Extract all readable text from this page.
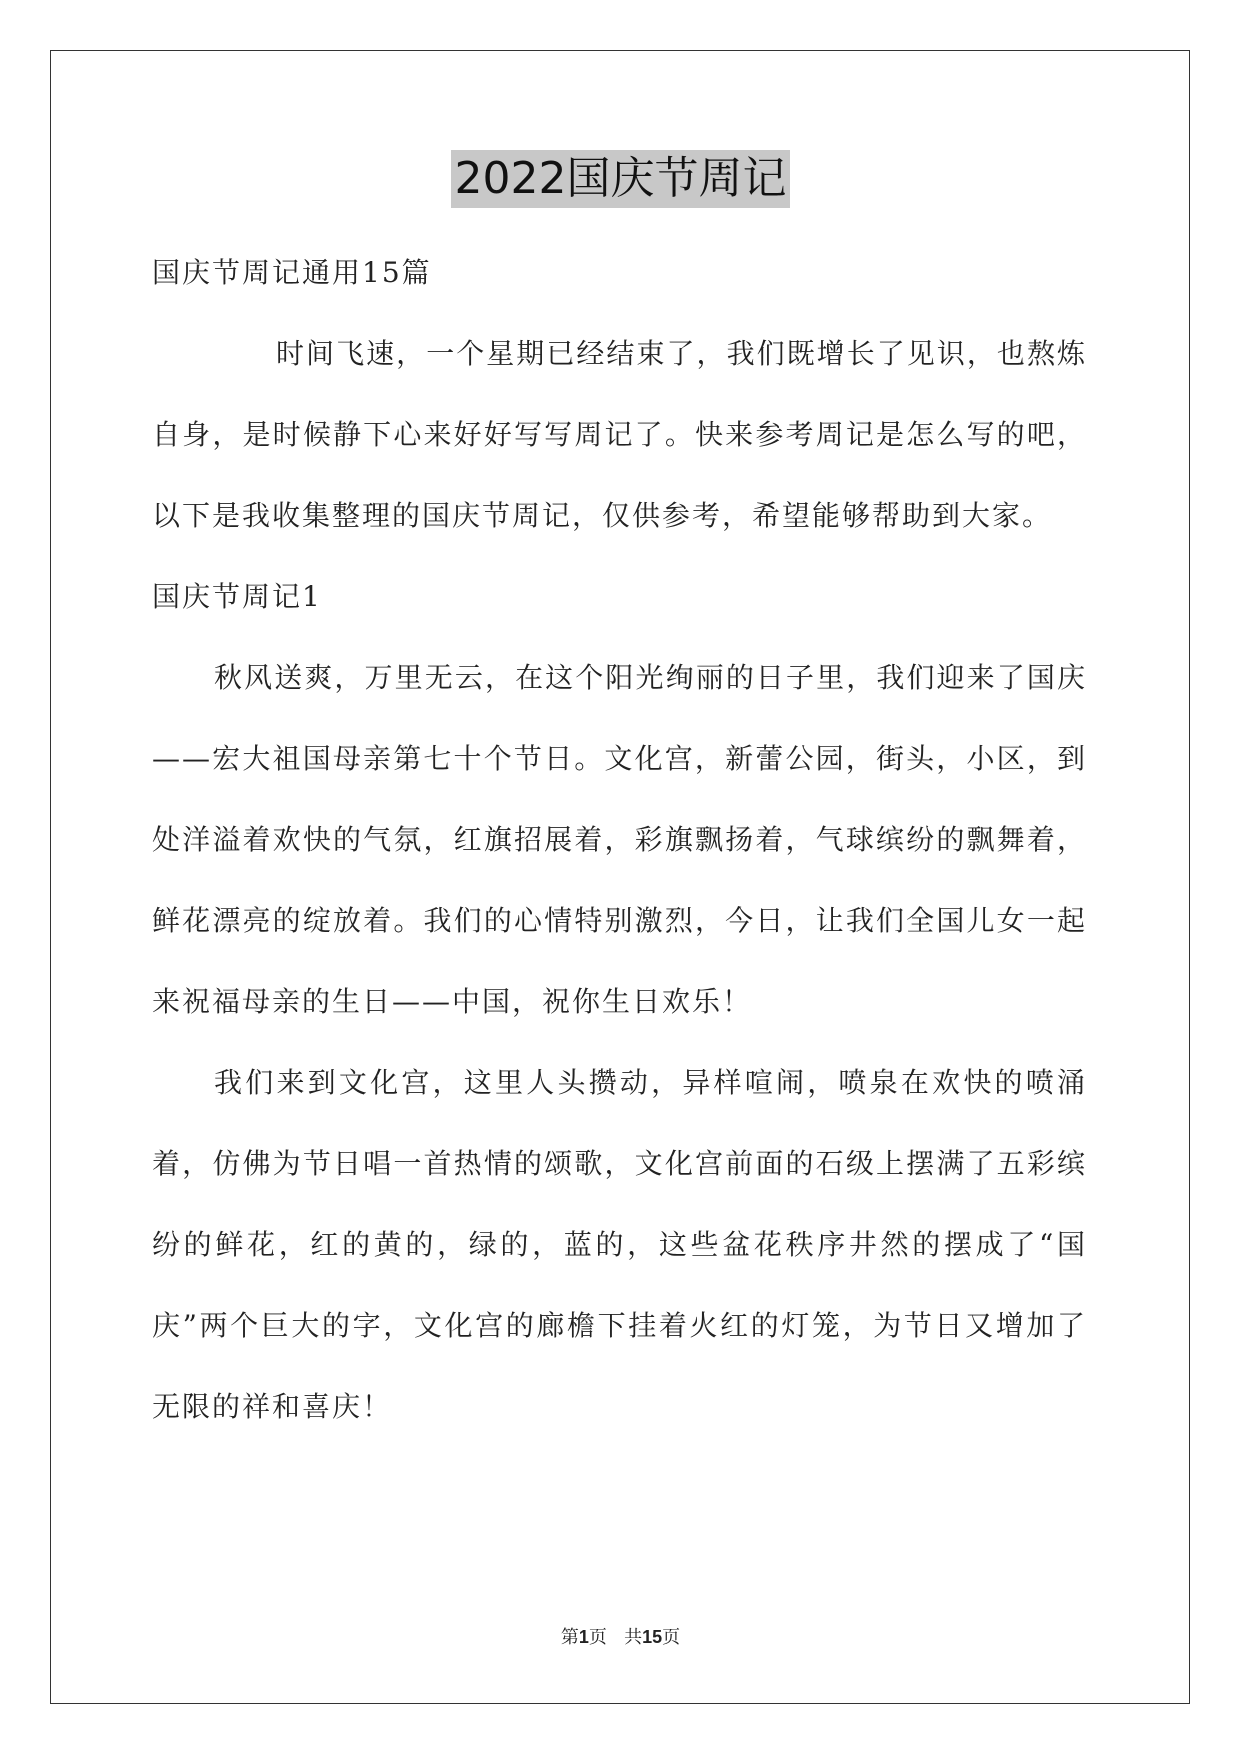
2022国庆节周记

国庆节周记通用15篇

时间飞速，一个星期已经结束了，我们既增长了见识，也熬炼自身，是时候静下心来好好写写周记了。快来参考周记是怎么写的吧，以下是我收集整理的国庆节周记，仅供参考，希望能够帮助到大家。

国庆节周记1

秋风送爽，万里无云，在这个阳光绚丽的日子里，我们迎来了国庆——宏大祖国母亲第七十个节日。文化宫，新蕾公园，街头，小区，到处洋溢着欢快的气氛，红旗招展着，彩旗飘扬着，气球缤纷的飘舞着，鲜花漂亮的绽放着。我们的心情特别激烈，今日，让我们全国儿女一起来祝福母亲的生日——中国，祝你生日欢乐！

我们来到文化宫，这里人头攒动，异样喧闹，喷泉在欢快的喷涌着，仿佛为节日唱一首热情的颂歌，文化宫前面的石级上摆满了五彩缤纷的鲜花，红的黄的，绿的，蓝的，这些盆花秩序井然的摆成了“国庆”两个巨大的字，文化宫的廊檐下挂着火红的灯笼，为节日又增加了无限的祥和喜庆！

第1页 共15页
